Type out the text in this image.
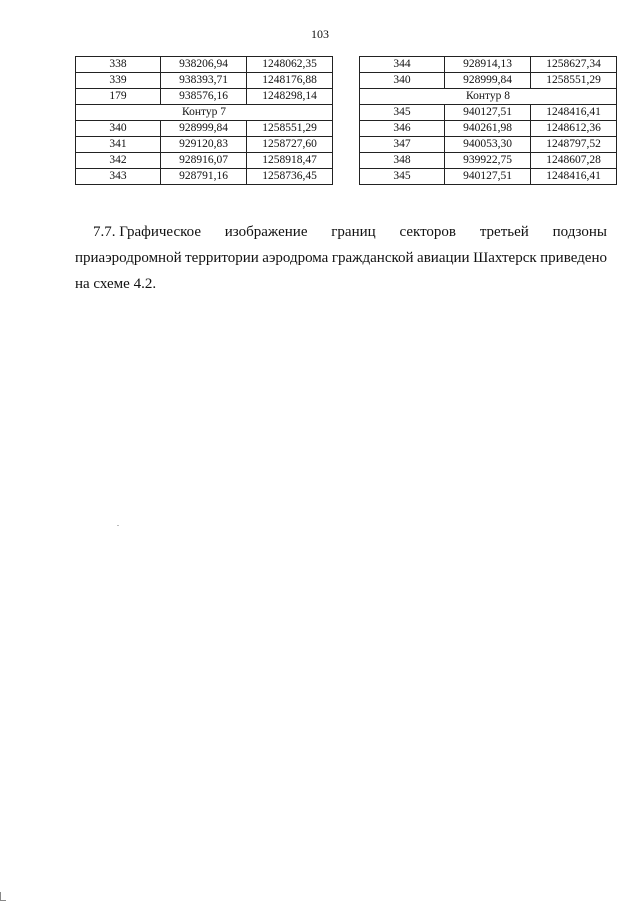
103
338	938206,94	1248062,35
339	938393,71	1248176,88
179	938576,16	1248298,14
Контур 7		
340	928999,84	1258551,29
341	929120,83	1258727,60
342	928916,07	1258918,47
343	928791,16	1258736,45
344	928914,13	1258627,34
340	928999,84	1258551,29
Контур 8		
345	940127,51	1248416,41
346	940261,98	1248612,36
347	940053,30	1248797,52
348	939922,75	1248607,28
345	940127,51	1248416,41
7.7. Графическое изображение границ секторов третьей подзоны
приаэродромной территории аэродрома гражданской авиации Шахтерск приведено
на схеме 4.2.
